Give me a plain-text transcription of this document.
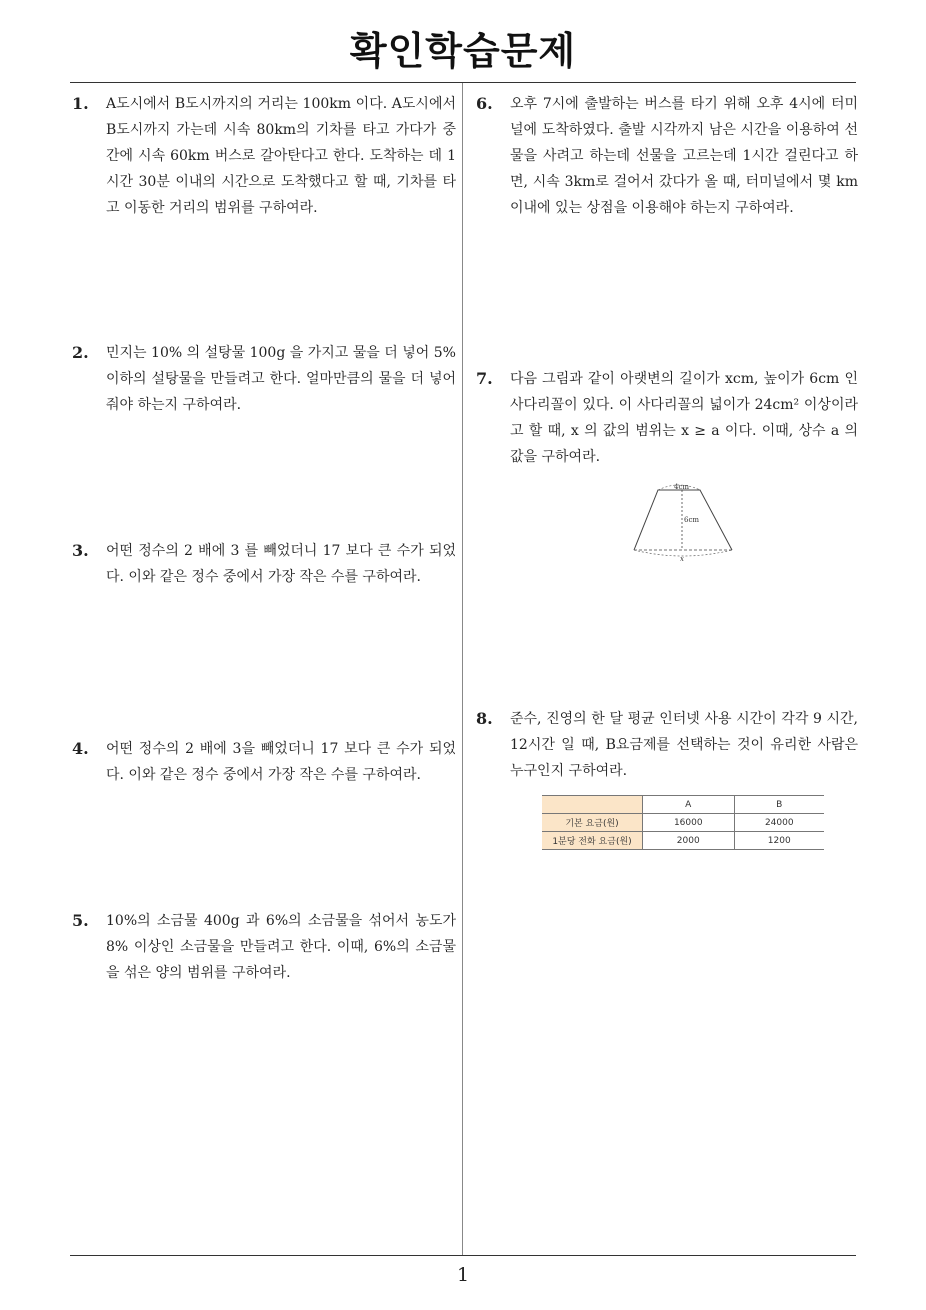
확인학습문제
1. A도시에서 B도시까지의 거리는 100km 이다. A도시에서 B도시까지 가는데 시속 80km의 기차를 타고 가다가 중간에 시속 60km 버스로 갈아탄다고 한다. 도착하는 데 1시간 30분 이내의 시간으로 도착했다고 할 때, 기차를 타고 이동한 거리의 범위를 구하여라.
2. 민지는 10% 의 설탕물 100g 을 가지고 물을 더 넣어 5% 이하의 설탕물을 만들려고 한다. 얼마만큼의 물을 더 넣어줘야 하는지 구하여라.
3. 어떤 정수의 2 배에 3 를 빼었더니 17 보다 큰 수가 되었다. 이와 같은 정수 중에서 가장 작은 수를 구하여라.
4. 어떤 정수의 2 배에 3을 빼었더니 17 보다 큰 수가 되었다. 이와 같은 정수 중에서 가장 작은 수를 구하여라.
5. 10%의 소금물 400g 과 6%의 소금물을 섞어서 농도가 8% 이상인 소금물을 만들려고 한다. 이때, 6%의 소금물을 섞은 양의 범위를 구하여라.
6. 오후 7시에 출발하는 버스를 타기 위해 오후 4시에 터미널에 도착하였다. 출발 시각까지 남은 시간을 이용하여 선물을 사려고 하는데 선물을 고르는데 1시간 걸린다고 하면, 시속 3km로 걸어서 갔다가 올 때, 터미널에서 몇 km 이내에 있는 상점을 이용해야 하는지 구하여라.
7. 다음 그림과 같이 아랫변의 길이가 xcm, 높이가 6cm 인 사다리꼴이 있다. 이 사다리꼴의 넓이가 24cm² 이상이라고 할 때, x 의 값의 범위는 x ≥ a 이다. 이때, 상수 a 의 값을 구하여라.
4cm
6cm
x
8. 준수, 진영의 한 달 평균 인터넷 사용 시간이 각각 9 시간, 12시간 일 때, B요금제를 선택하는 것이 유리한 사람은 누구인지 구하여라.
	A	B
기본 요금(원)	16000	24000
1분당 전화 요금(원)	2000	1200
1
